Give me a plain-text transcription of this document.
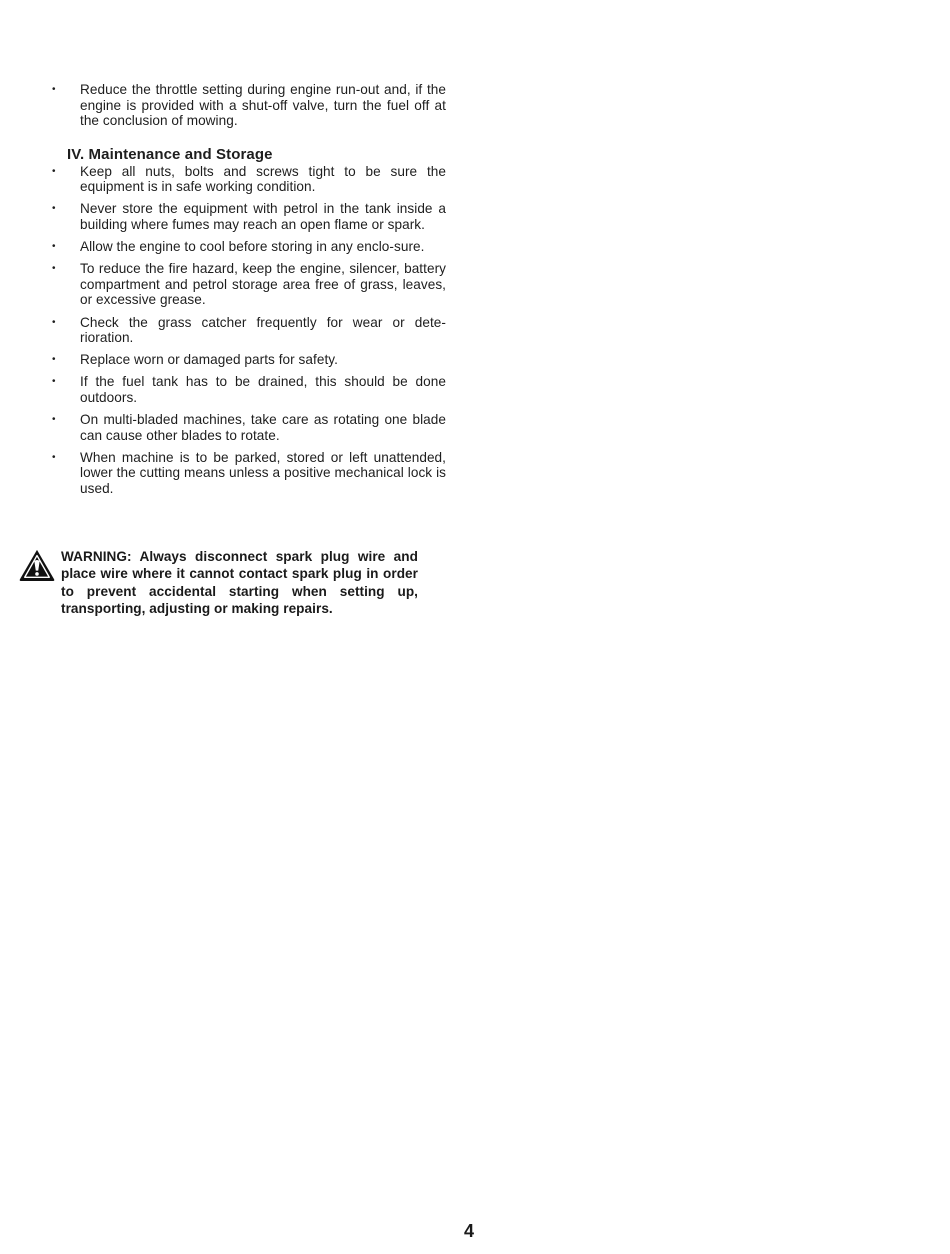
• Reduce the throttle setting during engine run-out and, if the engine is provided with a shut-off valve, turn the fuel off at the conclusion of mowing.
IV. Maintenance and Storage
• Keep all nuts, bolts and screws tight to be sure the equipment is in safe working condition.
• Never store the equipment with petrol in the tank inside a building where fumes may reach an open flame or spark.
• Allow the engine to cool before storing in any enclo-sure.
• To reduce the fire hazard, keep the engine, silencer, battery compartment and petrol storage area free of grass, leaves, or excessive grease.
• Check the grass catcher frequently for wear or dete-rioration.
• Replace worn or damaged parts for safety.
• If the fuel tank has to be drained, this should be done outdoors.
• On multi-bladed machines, take care as rotating one blade can cause other blades to rotate.
• When machine is to be parked, stored or left unattended, lower the cutting means unless a positive mechanical lock is used.

WARNING: Always disconnect spark plug wire and place wire where it cannot contact spark plug in order to prevent accidental starting when setting up, transporting, adjusting or making repairs.

4
